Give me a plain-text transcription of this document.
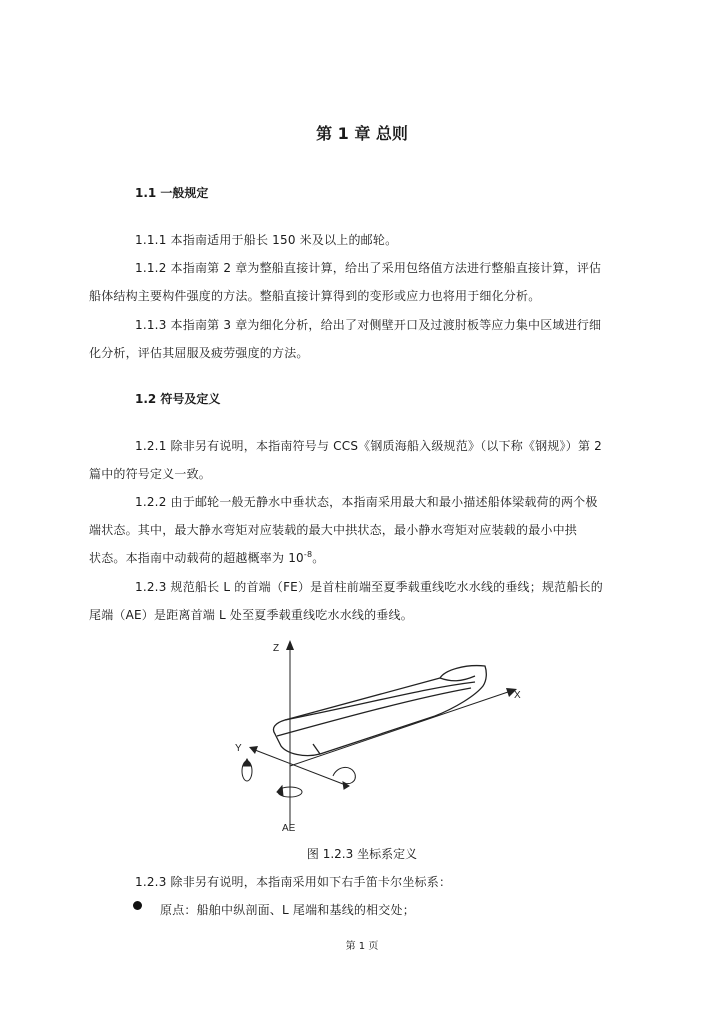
第 1 章 总则
1.1 一般规定
1.1.1 本指南适用于船长 150 米及以上的邮轮。
1.1.2 本指南第 2 章为整船直接计算，给出了采用包络值方法进行整船直接计算，评估
船体结构主要构件强度的方法。整船直接计算得到的变形或应力也将用于细化分析。
1.1.3 本指南第 3 章为细化分析，给出了对侧壁开口及过渡肘板等应力集中区域进行细
化分析，评估其屈服及疲劳强度的方法。
1.2 符号及定义
1.2.1 除非另有说明，本指南符号与 CCS《钢质海船入级规范》（以下称《钢规》）第 2
篇中的符号定义一致。
1.2.2 由于邮轮一般无静水中垂状态，本指南采用最大和最小描述船体梁载荷的两个极
端状态。其中，最大静水弯矩对应装载的最大中拱状态，最小静水弯矩对应装载的最小中拱
状态。本指南中动载荷的超越概率为 $10^{-8}$。
1.2.3 规范船长 L 的首端（FE）是首柱前端至夏季载重线吃水水线的垂线；规范船长的
尾端（AE）是距离首端 L 处至夏季载重线吃水水线的垂线。
Z
X
Y
AE
图 1.2.3 坐标系定义
1.2.3 除非另有说明，本指南采用如下右手笛卡尔坐标系：
原点：船舶中纵剖面、L 尾端和基线的相交处；
第 1 页
